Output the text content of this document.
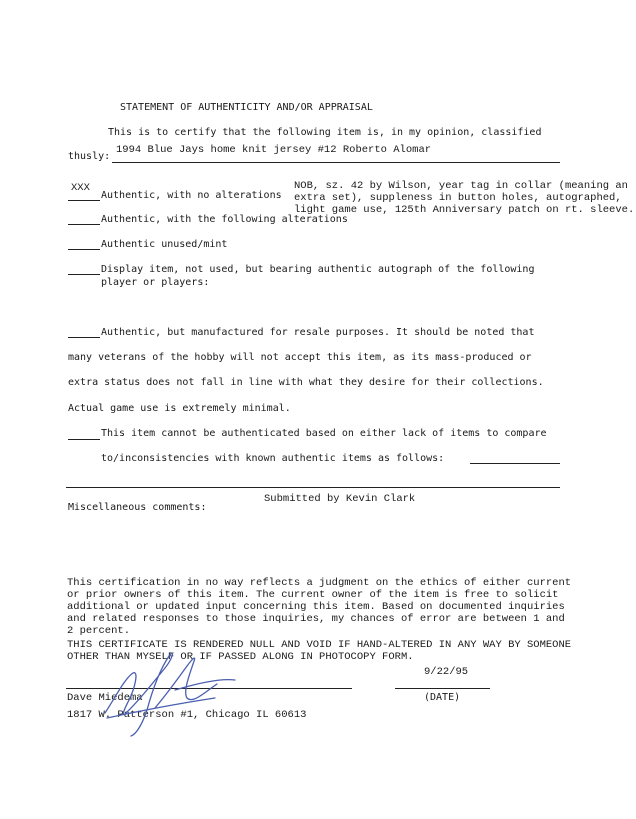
STATEMENT OF AUTHENTICITY AND/OR APPRAISAL
This is to certify that the following item is, in my opinion, classified
thusly:
1994 Blue Jays home knit jersey #12 Roberto Alomar
XXX
Authentic, with no alterations
NOB, sz. 42 by Wilson, year tag in collar (meaning an
extra set), suppleness in button holes, autographed,
light game use, 125th Anniversary patch on rt. sleeve.
Authentic, with the following alterations
Authentic unused/mint
Display item, not used, but bearing authentic autograph of the following
player or players:
Authentic, but manufactured for resale purposes. It should be noted that
many veterans of the hobby will not accept this item, as its mass-produced or
extra status does not fall in line with what they desire for their collections.
Actual game use is extremely minimal.
This item cannot be authenticated based on either lack of items to compare
to/inconsistencies with known authentic items as follows:
Submitted by Kevin Clark
Miscellaneous comments:
This certification in no way reflects a judgment on the ethics of either current
or prior owners of this item. The current owner of the item is free to solicit
additional or updated input concerning this item. Based on documented inquiries
and related responses to those inquiries, my chances of error are between 1 and
2 percent.
THIS CERTIFICATE IS RENDERED NULL AND VOID IF HAND-ALTERED IN ANY WAY BY SOMEONE
OTHER THAN MYSELF OR IF PASSED ALONG IN PHOTOCOPY FORM.
9/22/95
(DATE)
Dave Miedema
1817 W. Patterson #1, Chicago IL 60613
